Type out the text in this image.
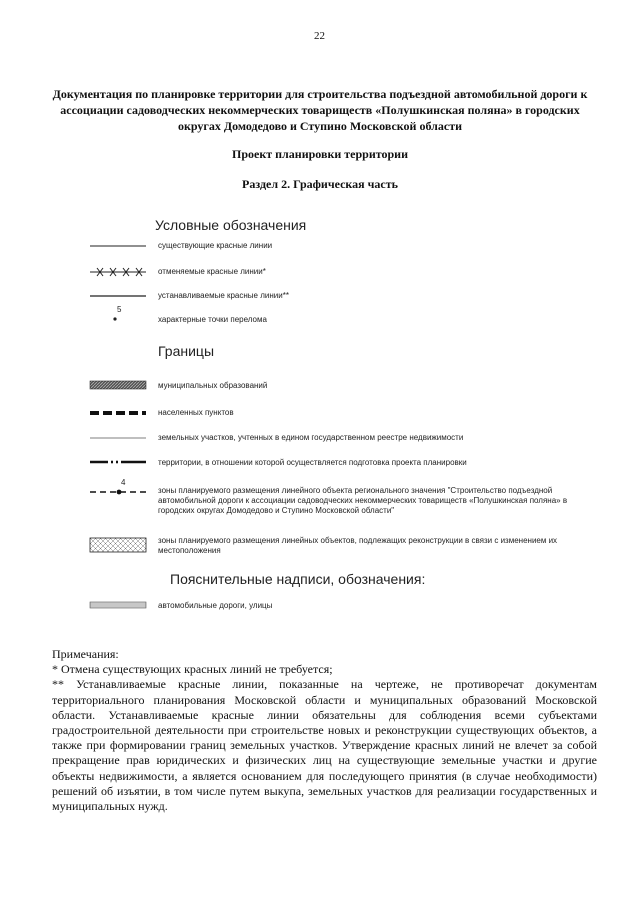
22
Документация по планировке территории для строительства подъездной автомобильной дороги к ассоциации садоводческих некоммерческих товариществ «Полушкинская поляна» в городских округах Домодедово и Ступино Московской области
Проект планировки территории
Раздел 2. Графическая часть
Условные обозначения
существующие красные линии
отменяемые красные линии*
устанавливаемые красные линии**
5
характерные точки перелома
Границы
муниципальных образований
населенных пунктов
земельных участков, учтенных в едином государственном реестре недвижимости
территории, в отношении которой осуществляется подготовка проекта планировки
4
зоны планируемого размещения линейного объекта регионального значения "Строительство подъездной автомобильной дороги к ассоциации садоводческих некоммерческих товариществ «Полушкинская поляна» в городских округах Домодедово и Ступино Московской области"
зоны планируемого размещения линейных объектов, подлежащих реконструкции в связи с изменением их местоположения
Пояснительные надписи, обозначения:
автомобильные дороги, улицы

Примечания:

* Отмена существующих красных линий не требуется;

** Устанавливаемые красные линии, показанные на чертеже, не противоречат документам территориального планирования Московской области и муниципальных образований Московской области. Устанавливаемые красные линии обязательны для соблюдения всеми субъектами градостроительной деятельности при строительстве новых и реконструкции существующих объектов, а также при формировании границ земельных участков. Утверждение красных линий не влечет за собой прекращение прав юридических и физических лиц на существующие земельные участки и другие объекты недвижимости, а является основанием для последующего принятия (в случае необходимости) решений об изъятии, в том числе путем выкупа, земельных участков для реализации государственных и муниципальных нужд.
